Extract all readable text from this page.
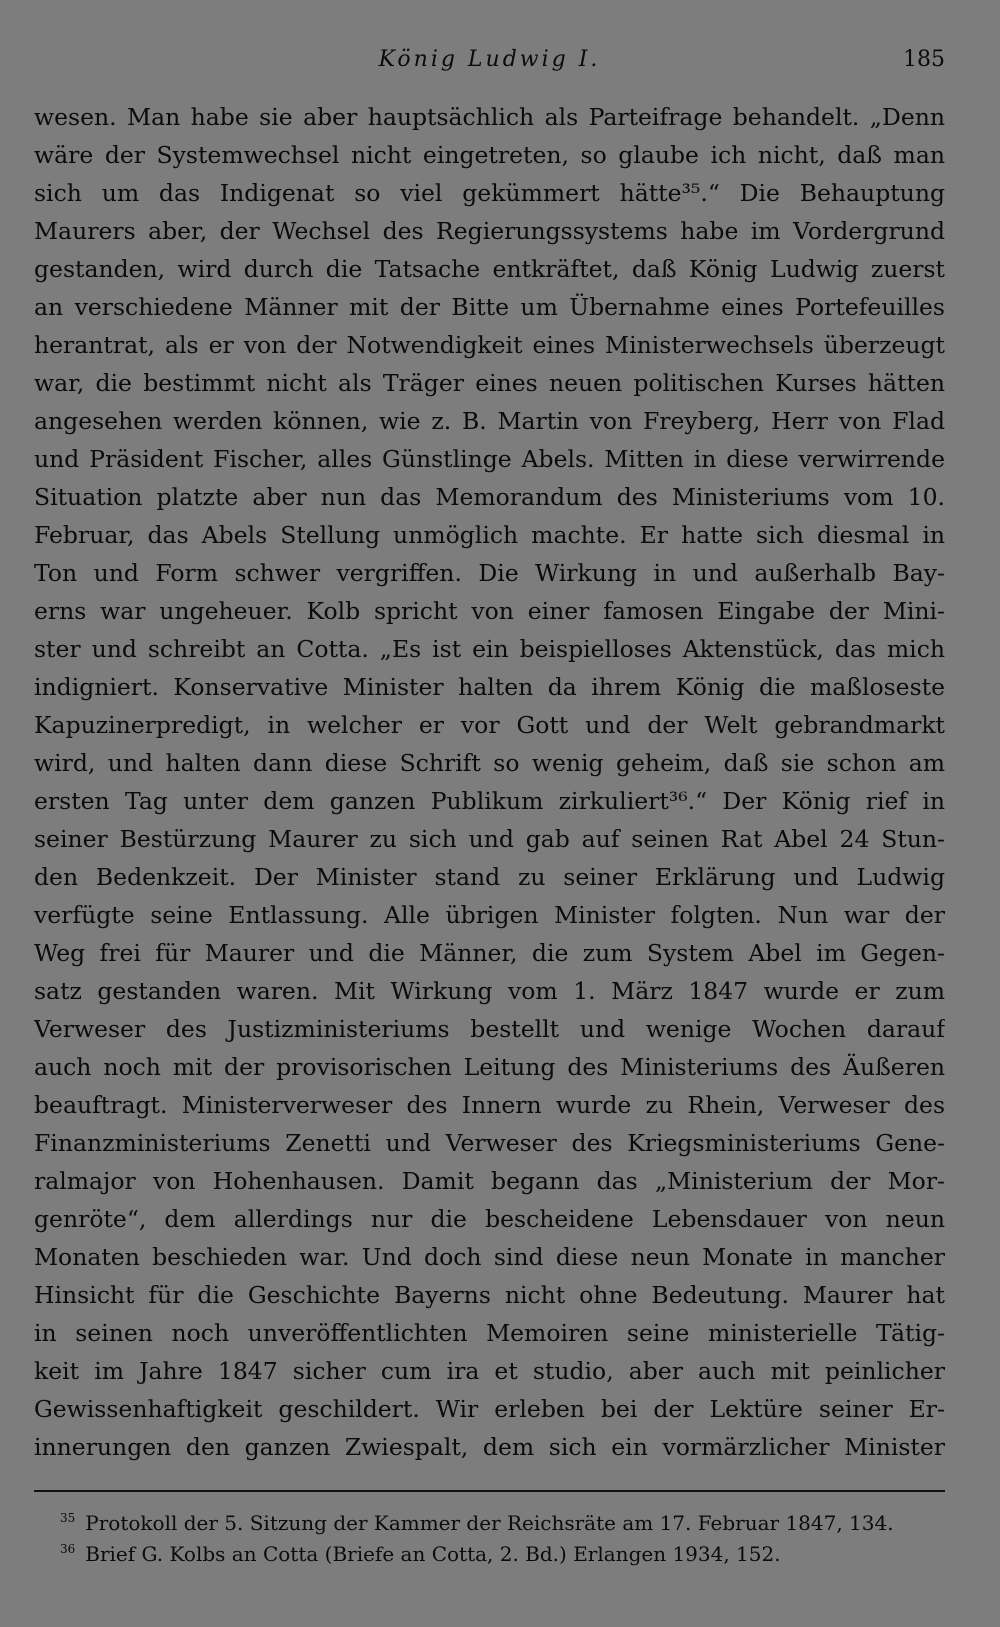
König Ludwig I.	185
wesen. Man habe sie aber hauptsächlich als Parteifrage behandelt. „Denn
wäre der Systemwechsel nicht eingetreten, so glaube ich nicht, daß man
sich um das Indigenat so viel gekümmert hätte³⁵.“ Die Behauptung
Maurers aber, der Wechsel des Regierungssystems habe im Vordergrund
gestanden, wird durch die Tatsache entkräftet, daß König Ludwig zuerst
an verschiedene Männer mit der Bitte um Übernahme eines Portefeuilles
herantrat, als er von der Notwendigkeit eines Ministerwechsels überzeugt
war, die bestimmt nicht als Träger eines neuen politischen Kurses hätten
angesehen werden können, wie z. B. Martin von Freyberg, Herr von Flad
und Präsident Fischer, alles Günstlinge Abels. Mitten in diese verwirrende
Situation platzte aber nun das Memorandum des Ministeriums vom 10.
Februar, das Abels Stellung unmöglich machte. Er hatte sich diesmal in
Ton und Form schwer vergriffen. Die Wirkung in und außerhalb Bay-
erns war ungeheuer. Kolb spricht von einer famosen Eingabe der Mini-
ster und schreibt an Cotta. „Es ist ein beispielloses Aktenstück, das mich
indigniert. Konservative Minister halten da ihrem König die maßloseste
Kapuzinerpredigt, in welcher er vor Gott und der Welt gebrandmarkt
wird, und halten dann diese Schrift so wenig geheim, daß sie schon am
ersten Tag unter dem ganzen Publikum zirkuliert³⁶.“ Der König rief in
seiner Bestürzung Maurer zu sich und gab auf seinen Rat Abel 24 Stun-
den Bedenkzeit. Der Minister stand zu seiner Erklärung und Ludwig
verfügte seine Entlassung. Alle übrigen Minister folgten. Nun war der
Weg frei für Maurer und die Männer, die zum System Abel im Gegen-
satz gestanden waren. Mit Wirkung vom 1. März 1847 wurde er zum
Verweser des Justizministeriums bestellt und wenige Wochen darauf
auch noch mit der provisorischen Leitung des Ministeriums des Äußeren
beauftragt. Ministerverweser des Innern wurde zu Rhein, Verweser des
Finanzministeriums Zenetti und Verweser des Kriegsministeriums Gene-
ralmajor von Hohenhausen. Damit begann das „Ministerium der Mor-
genröte“, dem allerdings nur die bescheidene Lebensdauer von neun
Monaten beschieden war. Und doch sind diese neun Monate in mancher
Hinsicht für die Geschichte Bayerns nicht ohne Bedeutung. Maurer hat
in seinen noch unveröffentlichten Memoiren seine ministerielle Tätig-
keit im Jahre 1847 sicher cum ira et studio, aber auch mit peinlicher
Gewissenhaftigkeit geschildert. Wir erleben bei der Lektüre seiner Er-
innerungen den ganzen Zwiespalt, dem sich ein vormärzlicher Minister
$^{35}$ Protokoll der 5. Sitzung der Kammer der Reichsräte am 17. Februar 1847, 134.
$^{36}$ Brief G. Kolbs an Cotta (Briefe an Cotta, 2. Bd.) Erlangen 1934, 152.
